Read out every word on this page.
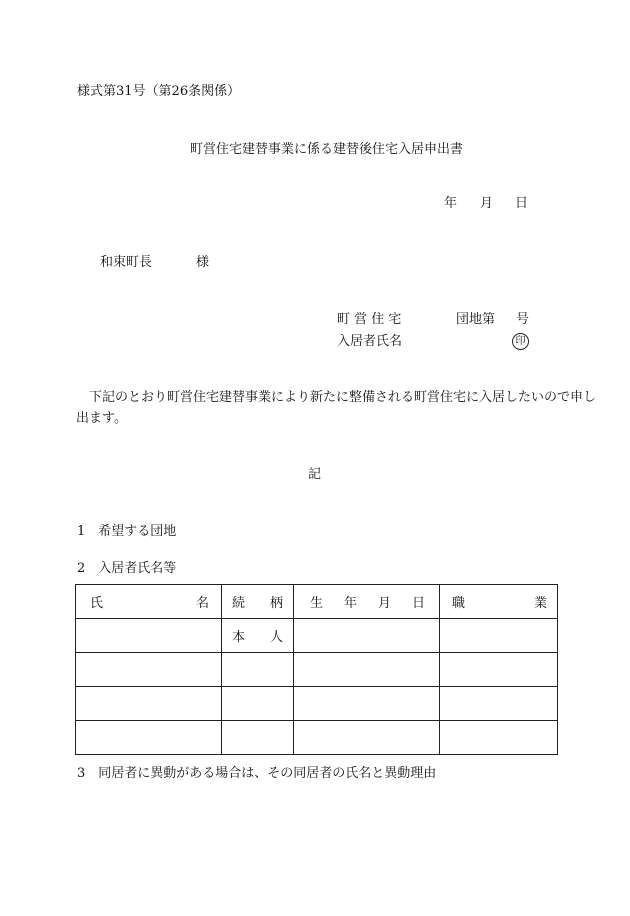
様式第31号（第26条関係）
町営住宅建替事業に係る建替後住宅入居申出書
年 月 日
和束町長	様
町 営 住 宅	団地第 号
入居者氏名	印
下記のとおり町営住宅建替事業により新たに整備される町営住宅に入居したいので申し
出ます。
記
1　希望する団地
2　入居者氏名等
氏 名	続 柄	生 年 月 日	職 業

	本 人		

3　同居者に異動がある場合は、その同居者の氏名と異動理由
